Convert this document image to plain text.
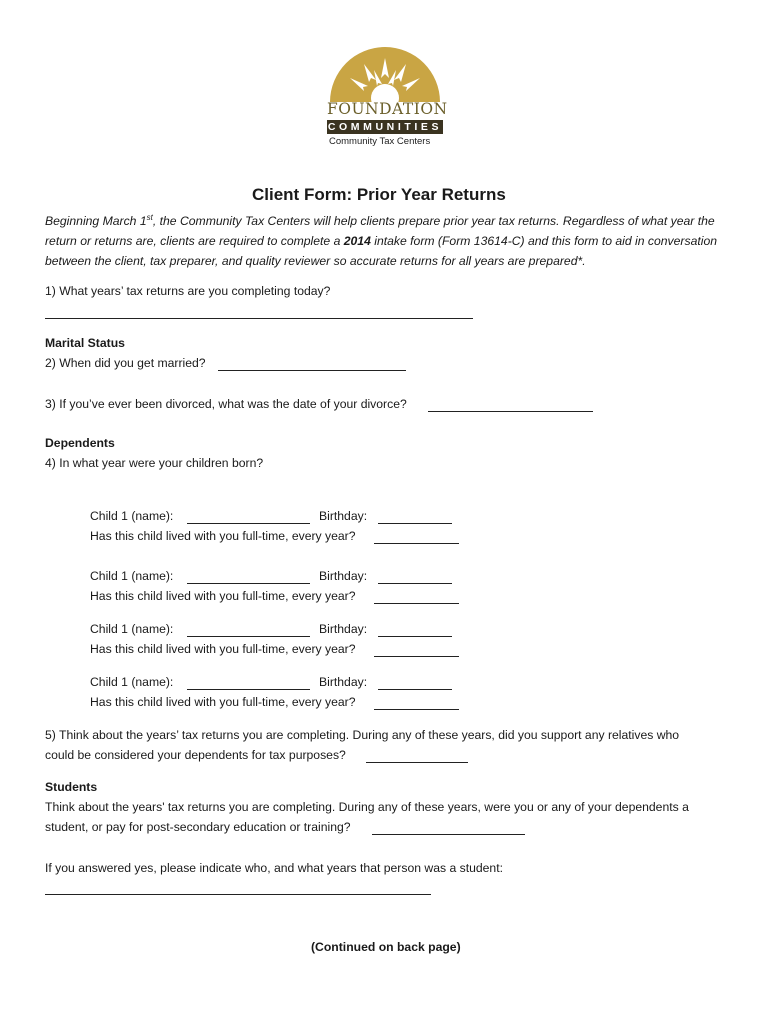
FOUNDATION
COMMUNITIES
Community Tax Centers
Client Form: Prior Year Returns
Beginning March 1st, the Community Tax Centers will help clients prepare prior year tax returns. Regardless of what year the return or returns are, clients are required to complete a 2014 intake form (Form 13614-C) and this form to aid in conversation between the client, tax preparer, and quality reviewer so accurate returns for all years are prepared*.
1) What years’ tax returns are you completing today?
Marital Status
2) When did you get married?
3) If you’ve ever been divorced, what was the date of your divorce?
Dependents
4) In what year were your children born?
Child 1 (name):	Birthday:
Has this child lived with you full-time, every year?
Child 1 (name):	Birthday:
Has this child lived with you full-time, every year?
Child 1 (name):	Birthday:
Has this child lived with you full-time, every year?
Child 1 (name):	Birthday:
Has this child lived with you full-time, every year?
5) Think about the years’ tax returns you are completing. During any of these years, did you support any relatives who
could be considered your dependents for tax purposes?
Students
Think about the years' tax returns you are completing. During any of these years, were you or any of your dependents a
student, or pay for post-secondary education or training?
If you answered yes, please indicate who, and what years that person was a student:
(Continued on back page)
